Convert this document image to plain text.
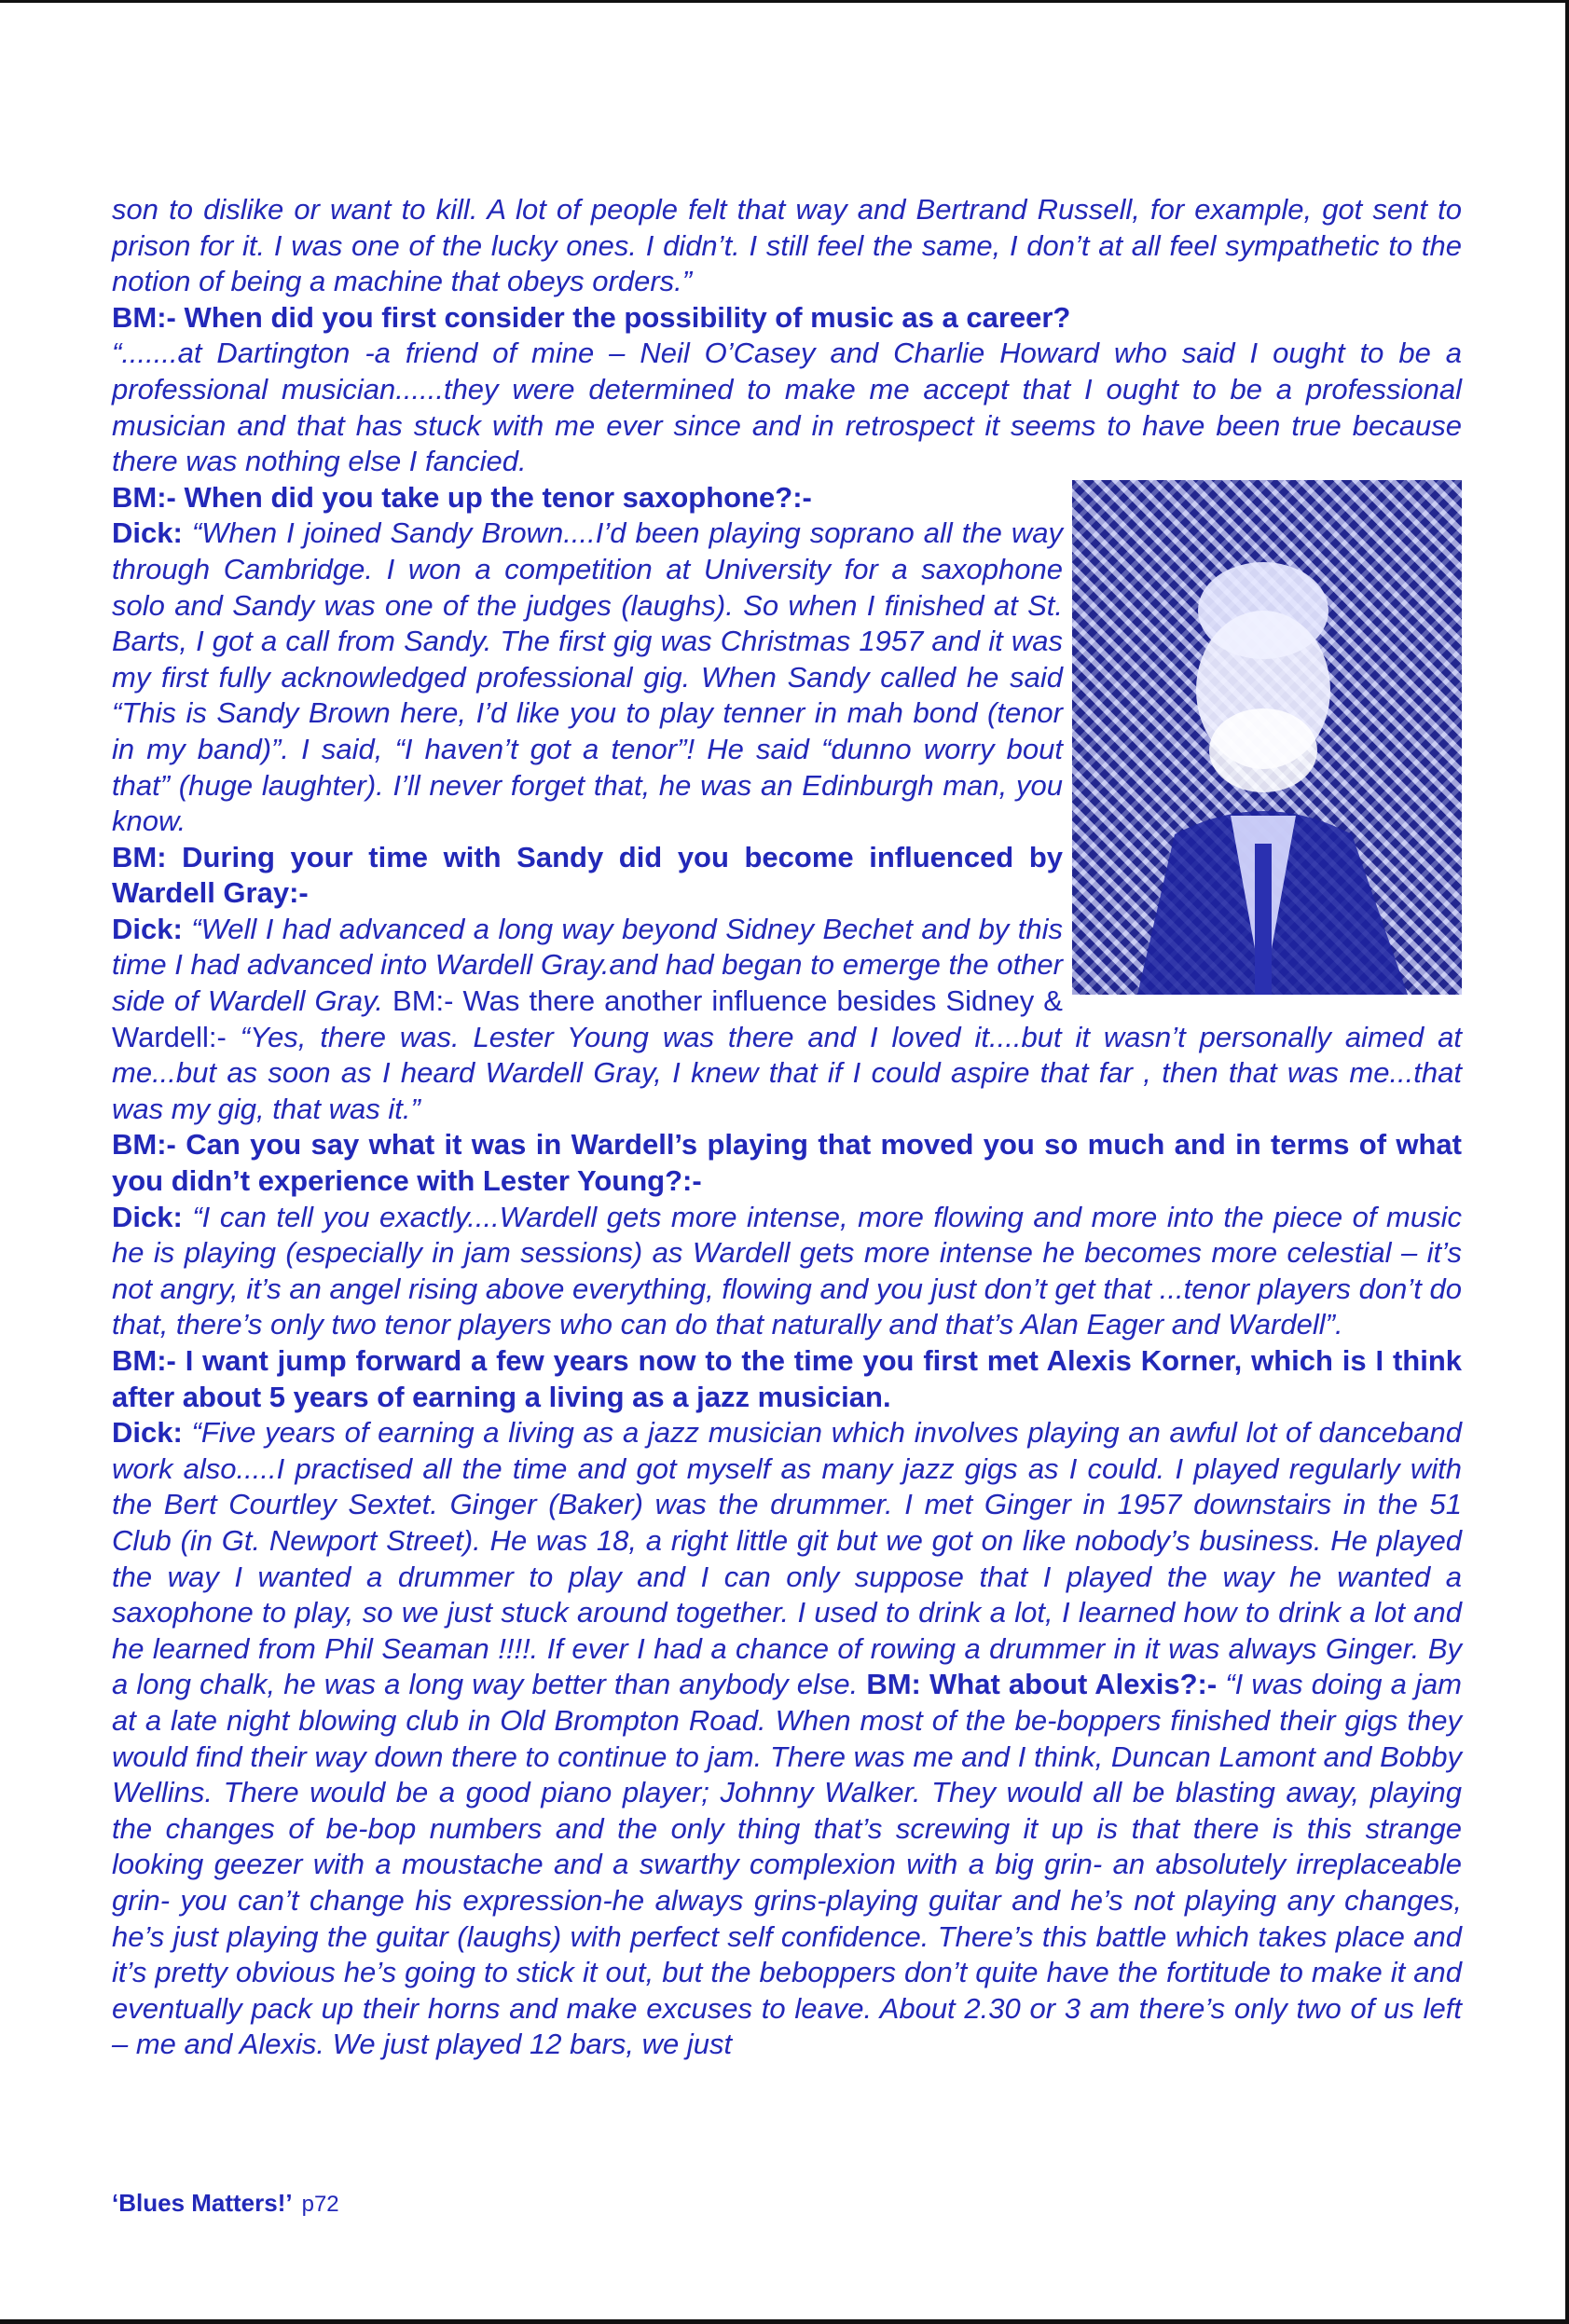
son to dislike or want to kill. A lot of people felt that way and Bertrand Russell, for example, got sent to prison for it. I was one of the lucky ones. I didn’t. I still feel the same, I don’t at all feel sympathetic to the notion of being a machine that obeys orders.”

BM:- When did you first consider the possibility of music as a career?

“.......at Dartington -a friend of mine – Neil O’Casey and Charlie Howard who said I ought to be a professional musician......they were determined to make me accept that I ought to be a professional musician and that has stuck with me ever since and in retrospect it seems to have been true because there was nothing else I fancied.

BM:- When did you take up the tenor saxophone?:-

Dick: “When I joined Sandy Brown....I’d been playing soprano all the way through Cambridge. I won a competition at University for a saxophone solo and Sandy was one of the judges (laughs). So when I finished at St. Barts, I got a call from Sandy. The first gig was Christmas 1957 and it was my first fully acknowledged professional gig. When Sandy called he said “This is Sandy Brown here, I’d like you to play tenner in mah bond (tenor in my band)”. I said, “I haven’t got a tenor”! He said “dunno worry bout that” (huge laughter). I’ll never forget that, he was an Edinburgh man, you know.

BM: During your time with Sandy did you become influenced by Wardell Gray:-

Dick: “Well I had advanced a long way beyond Sidney Bechet and by this time I had advanced into Wardell Gray.and had began to emerge the other side of Wardell Gray. BM:- Was there another influence besides Sidney & Wardell:- “Yes, there was. Lester Young was there and I loved it....but it wasn’t personally aimed at me...but as soon as I heard Wardell Gray, I knew that if I could aspire that far , then that was me...that was my gig, that was it.”

BM:- Can you say what it was in Wardell’s playing that moved you so much and in terms of what you didn’t experience with Lester Young?:-

Dick: “I can tell you exactly....Wardell gets more intense, more flowing and more into the piece of music he is playing (especially in jam sessions) as Wardell gets more intense he becomes more celestial – it’s not angry, it’s an angel rising above everything, flowing and you just don’t get that ...tenor players don’t do that, there’s only two tenor players who can do that naturally and that’s Alan Eager and Wardell”.

BM:- I want jump forward a few years now to the time you first met Alexis Korner, which is I think after about 5 years of earning a living as a jazz musician.

Dick: “Five years of earning a living as a jazz musician which involves playing an awful lot of danceband work also.....I practised all the time and got myself as many jazz gigs as I could. I played regularly with the Bert Courtley Sextet. Ginger (Baker) was the drummer. I met Ginger in 1957 downstairs in the 51 Club (in Gt. Newport Street). He was 18, a right little git but we got on like nobody’s business. He played the way I wanted a drummer to play and I can only suppose that I played the way he wanted a saxophone to play, so we just stuck around together. I used to drink a lot, I learned how to drink a lot and he learned from Phil Seaman !!!!. If ever I had a chance of rowing a drummer in it was always Ginger. By a long chalk, he was a long way better than anybody else. BM: What about Alexis?:- “I was doing a jam at a late night blowing club in Old Brompton Road. When most of the be-boppers finished their gigs they would find their way down there to continue to jam. There was me and I think, Duncan Lamont and Bobby Wellins. There would be a good piano player; Johnny Walker. They would all be blasting away, playing the changes of be-bop numbers and the only thing that’s screwing it up is that there is this strange looking geezer with a moustache and a swarthy complexion with a big grin- an absolutely irreplaceable grin- you can’t change his expression-he always grins-playing guitar and he’s not playing any changes, he’s just playing the guitar (laughs) with perfect self confidence. There’s this battle which takes place and it’s pretty obvious he’s going to stick it out, but the beboppers don’t quite have the fortitude to make it and eventually pack up their horns and make excuses to leave. About 2.30 or 3 am there’s only two of us left – me and Alexis. We just played 12 bars, we just

‘Blues Matters!’ p72
